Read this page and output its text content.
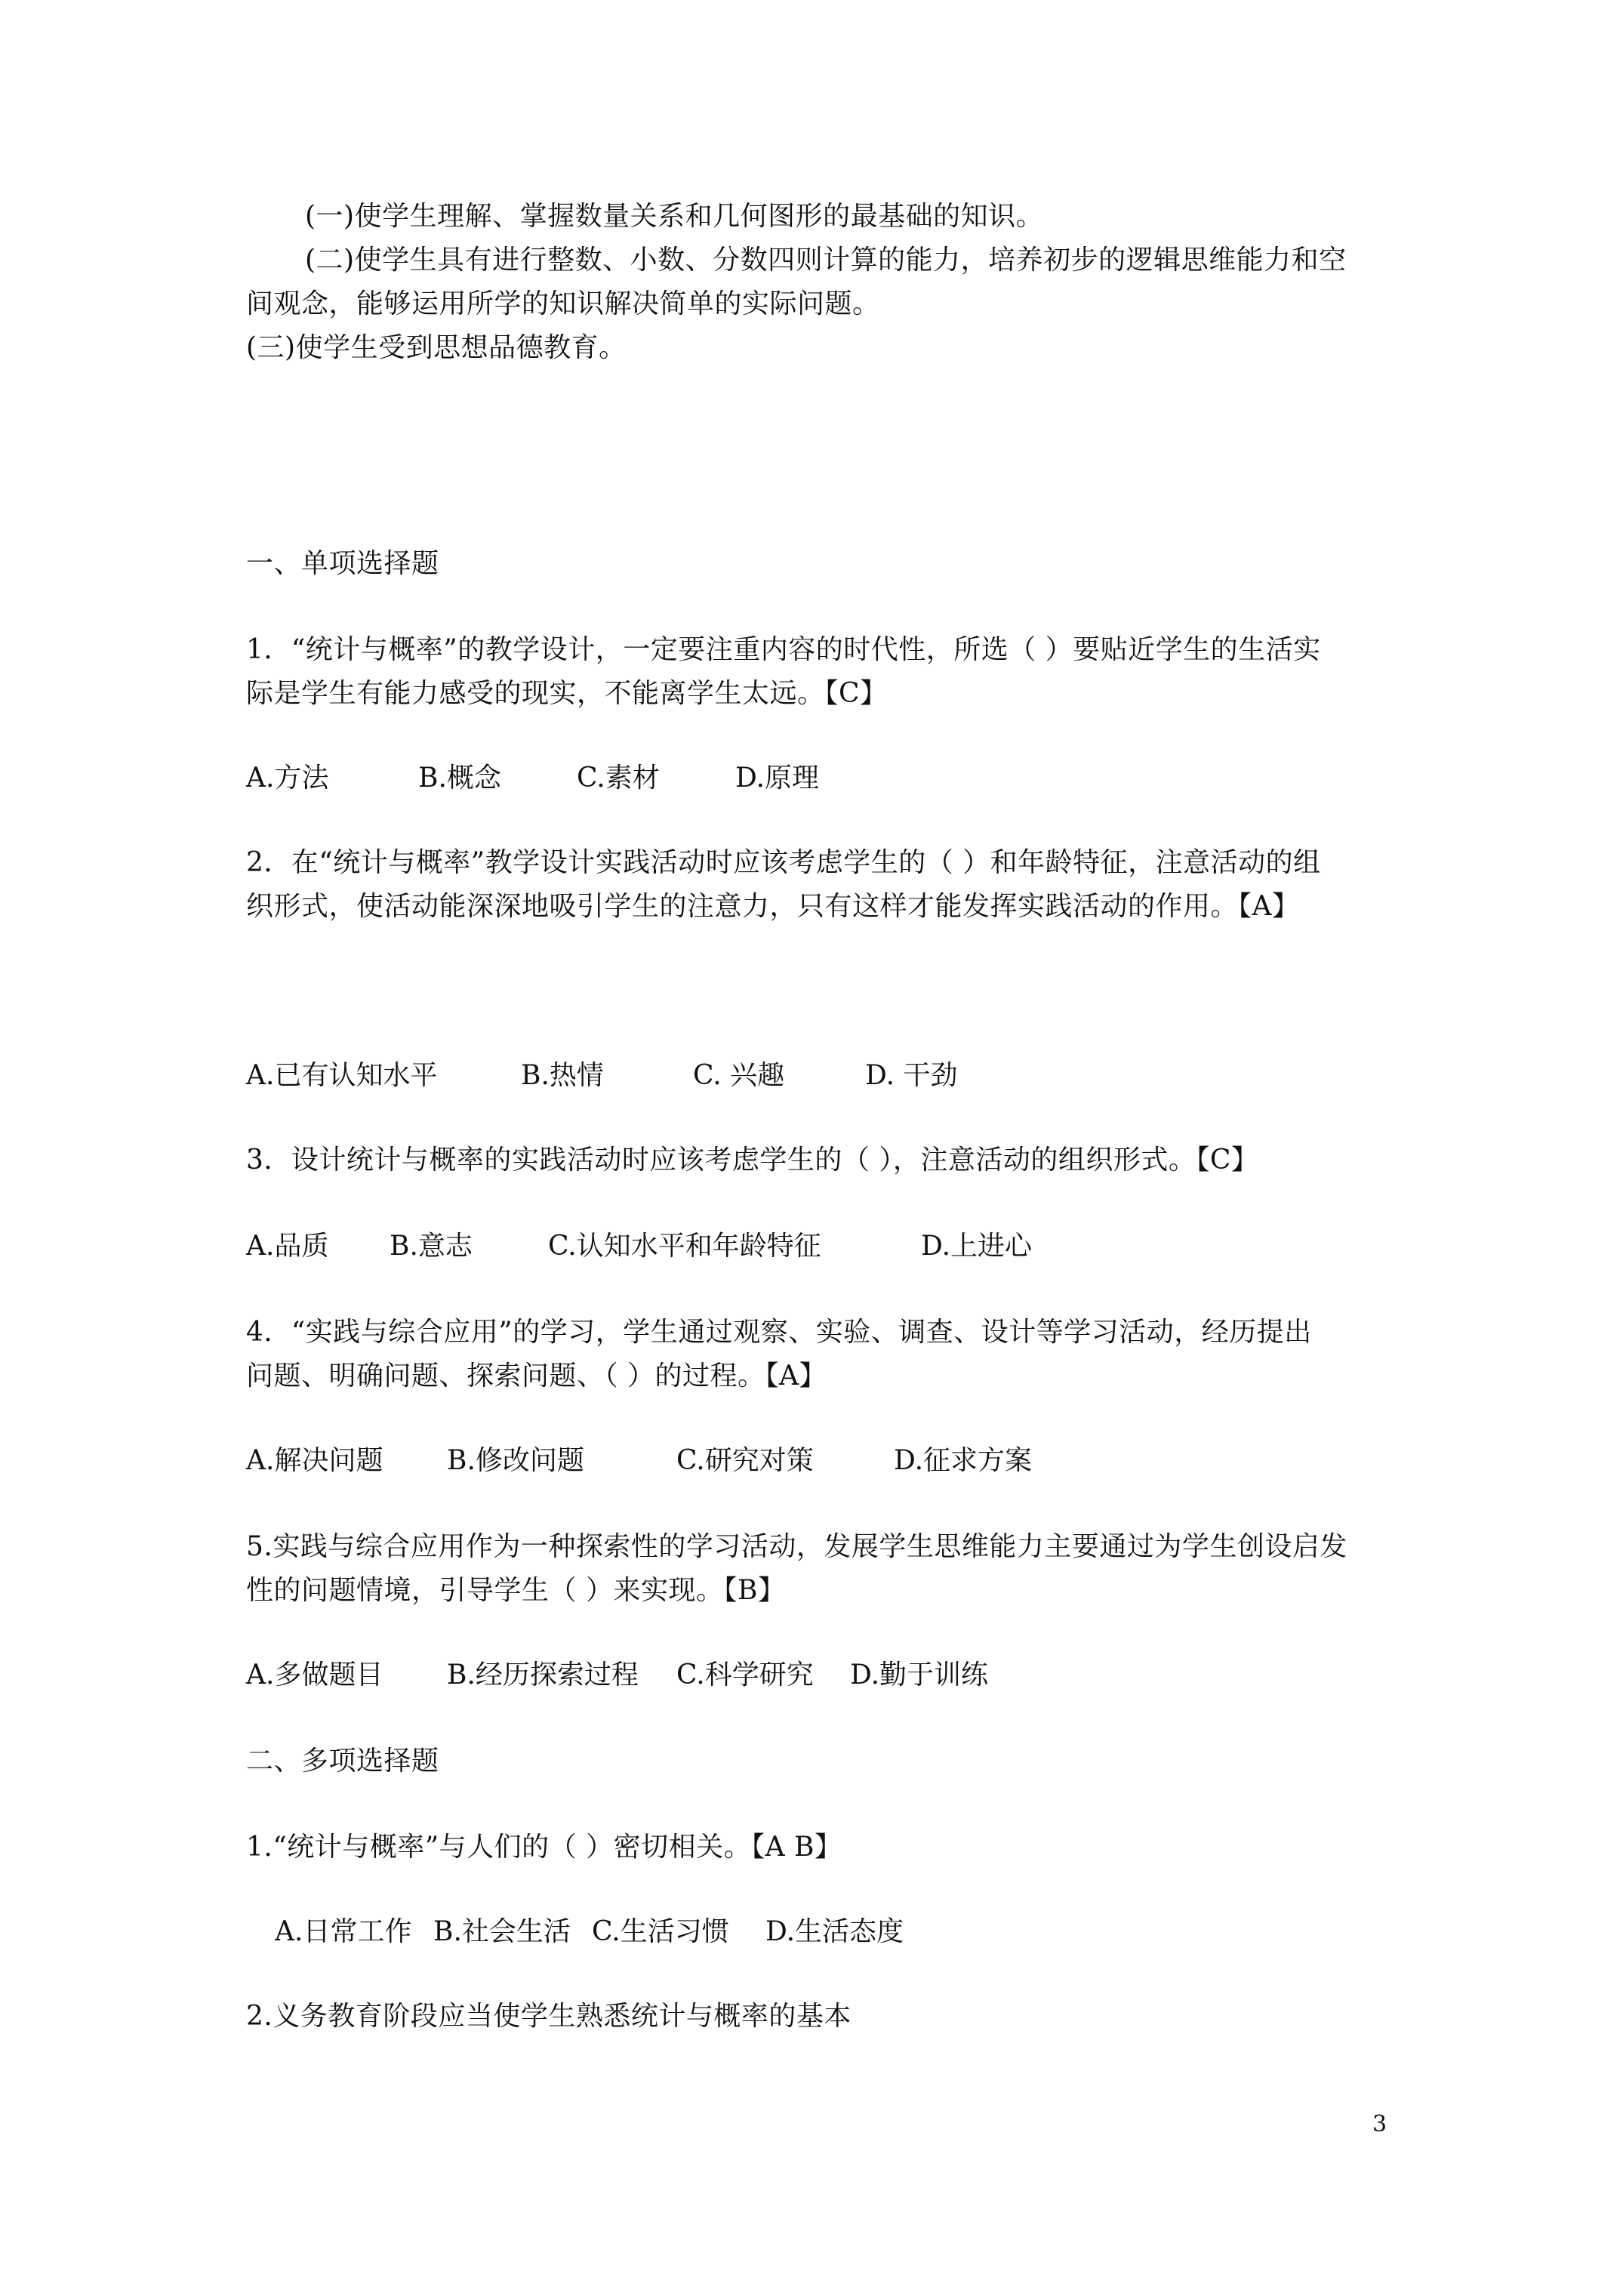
(一)使学生理解、掌握数量关系和几何图形的最基础的知识。
(二)使学生具有进行整数、小数、分数四则计算的能力，培养初步的逻辑思维能力和空
间观念，能够运用所学的知识解决简单的实际问题。
(三)使学生受到思想品德教育。
一、单项选择题
1．“统计与概率”的教学设计，一定要注重内容的时代性，所选（ ）要贴近学生的生活实
际是学生有能力感受的现实，不能离学生太远。【C】
A.方法	B.概念	C.素材	D.原理
2．在“统计与概率”教学设计实践活动时应该考虑学生的（ ）和年龄特征，注意活动的组
织形式，使活动能深深地吸引学生的注意力，只有这样才能发挥实践活动的作用。【A】
A.已有认知水平	B.热情	C. 兴趣	D. 干劲
3．设计统计与概率的实践活动时应该考虑学生的（ ），注意活动的组织形式。【C】
A.品质 B.意志	C.认知水平和年龄特征	D.上进心
4．“实践与综合应用”的学习，学生通过观察、实验、调查、设计等学习活动，经历提出
问题、明确问题、探索问题、（ ）的过程。【A】
A.解决问题 B.修改问题	C.研究对策	D.征求方案
5.实践与综合应用作为一种探索性的学习活动，发展学生思维能力主要通过为学生创设启发
性的问题情境，引导学生（ ）来实现。【B】
A.多做题目 B.经历探索过程 C.科学研究 D.勤于训练
二、多项选择题
1.“统计与概率”与人们的（ ）密切相关。【A B】
A.日常工作 B.社会生活 C.生活习惯 D.生活态度
2.义务教育阶段应当使学生熟悉统计与概率的基本
3
